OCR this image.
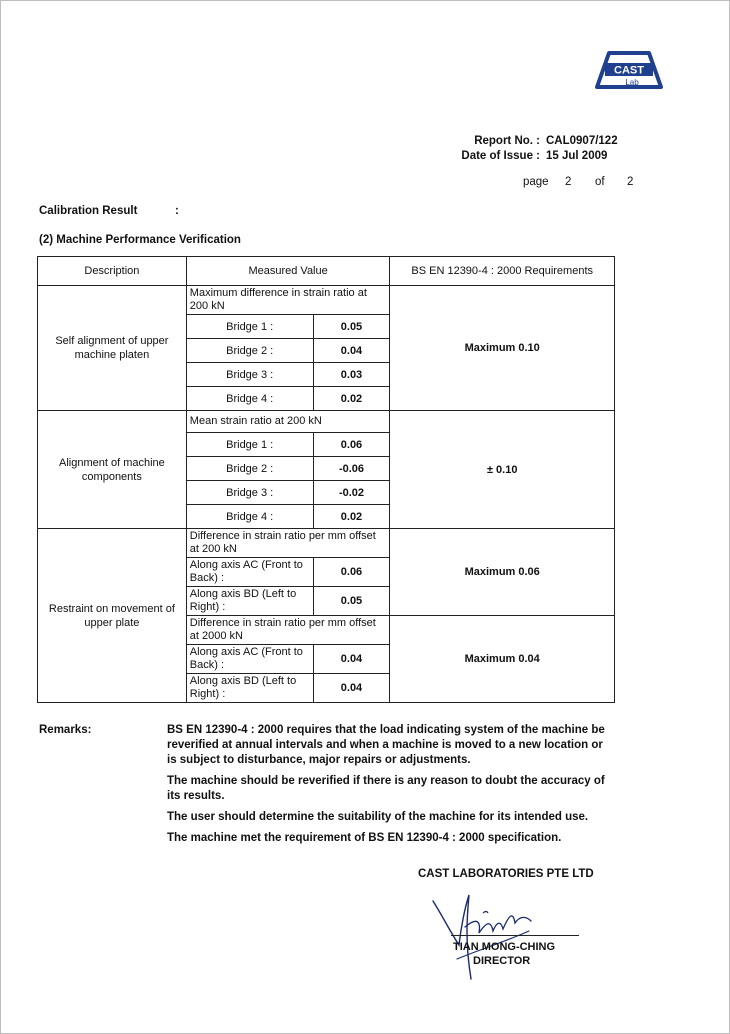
CAST
Lab
Report No. : CAL0907/122
Date of Issue : 15 Jul 2009
page	2	of	2
Calibration Result	:
(2) Machine Performance Verification
Description	Measured Value		BS EN 12390-4 : 2000 Requirements
Self alignment of upper machine platen	Maximum difference in strain ratio at 200 kN		Maximum 0.10
	Bridge 1 :	0.05	
	Bridge 2 :	0.04	
	Bridge 3 :	0.03	
	Bridge 4 :	0.02	
Alignment of machine components	Mean strain ratio at 200 kN		± 0.10
	Bridge 1 :	0.06	
	Bridge 2 :	-0.06	
	Bridge 3 :	-0.02	
	Bridge 4 :	0.02	
Restraint on movement of upper plate	Difference in strain ratio per mm offset at 200 kN		Maximum 0.06
	Along axis AC (Front to Back) :	0.06	
	Along axis BD (Left to Right) :	0.05	
	Difference in strain ratio per mm offset at 2000 kN		Maximum 0.04
	Along axis AC (Front to Back) :	0.04	
	Along axis BD (Left to Right) :	0.04	
Remarks:	BS EN 12390-4 : 2000 requires that the load indicating system of the machine be reverified at annual intervals and when a machine is moved to a new location or is subject to disturbance, major repairs or adjustments.

The machine should be reverified if there is any reason to doubt the accuracy of its results.

The user should determine the suitability of the machine for its intended use.

The machine met the requirement of BS EN 12390-4 : 2000 specification.

CAST LABORATORIES PTE LTD
TIAN MONG-CHING
DIRECTOR
